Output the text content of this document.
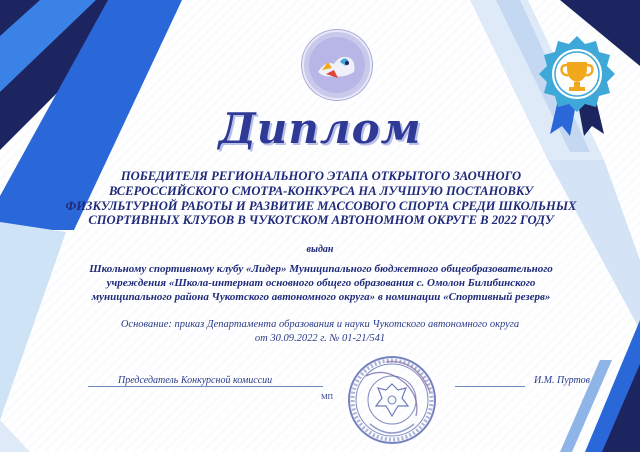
Диплом
ПОБЕДИТЕЛЯ РЕГИОНАЛЬНОГО ЭТАПА ОТКРЫТОГО ЗАОЧНОГО
ВСЕРОССИЙСКОГО СМОТРА-КОНКУРСА НА ЛУЧШУЮ ПОСТАНОВКУ
ФИЗКУЛЬТУРНОЙ РАБОТЫ И РАЗВИТИЕ МАССОВОГО СПОРТА СРЕДИ ШКОЛЬНЫХ
СПОРТИВНЫХ КЛУБОВ В ЧУКОТСКОМ АВТОНОМНОМ ОКРУГЕ В 2022 ГОДУ
выдан
Школьному спортивному клубу «Лидер» Муниципального бюджетного общеобразовательного
учреждения «Школа-интернат основного общего образования с. Омолон Билибинского
муниципального района Чукотского автономного округа» в номинации «Спортивный резерв»
Основание: приказ Департамента образования и науки Чукотского автономного округа
от 30.09.2022 г. № 01-21/541
Председатель Конкурсной комиссии	И.М. Пуртов
МП
